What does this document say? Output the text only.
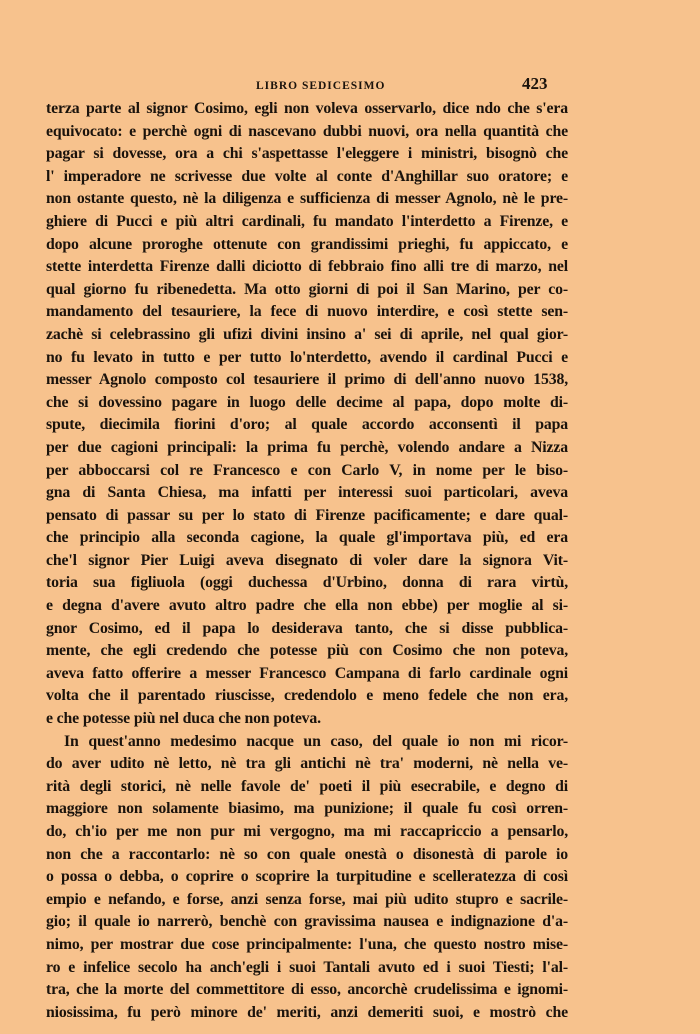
LIBRO SEDICESIMO	423
terza parte al signor Cosimo, egli non voleva osservarlo, dice ndo che s'era
equivocato: e perchè ogni di nascevano dubbi nuovi, ora nella quantità che
pagar si dovesse, ora a chi s'aspettasse l'eleggere i ministri, bisognò che
l' imperadore ne scrivesse due volte al conte d'Anghillar suo oratore; e
non ostante questo, nè la diligenza e sufficienza di messer Agnolo, nè le pre-
ghiere di Pucci e più altri cardinali, fu mandato l'interdetto a Firenze, e
dopo alcune proroghe ottenute con grandissimi prieghi, fu appiccato, e
stette interdetta Firenze dalli diciotto di febbraio fino alli tre di marzo, nel
qual giorno fu ribenedetta. Ma otto giorni di poi il San Marino, per co-
mandamento del tesauriere, la fece di nuovo interdire, e così stette sen-
zachè si celebrassino gli ufizi divini insino a' sei di aprile, nel qual gior-
no fu levato in tutto e per tutto lo'nterdetto, avendo il cardinal Pucci e
messer Agnolo composto col tesauriere il primo di dell'anno nuovo 1538,
che si dovessino pagare in luogo delle decime al papa, dopo molte di-
spute, diecimila fiorini d'oro; al quale accordo acconsentì il papa
per due cagioni principali: la prima fu perchè, volendo andare a Nizza
per abboccarsi col re Francesco e con Carlo V, in nome per le biso-
gna di Santa Chiesa, ma infatti per interessi suoi particolari, aveva
pensato di passar su per lo stato di Firenze pacificamente; e dare qual-
che principio alla seconda cagione, la quale gl'importava più, ed era
che'l signor Pier Luigi aveva disegnato di voler dare la signora Vit-
toria sua figliuola (oggi duchessa d'Urbino, donna di rara virtù,
e degna d'avere avuto altro padre che ella non ebbe) per moglie al si-
gnor Cosimo, ed il papa lo desiderava tanto, che si disse pubblica-
mente, che egli credendo che potesse più con Cosimo che non poteva,
aveva fatto offerire a messer Francesco Campana di farlo cardinale ogni
volta che il parentado riuscisse, credendolo e meno fedele che non era,
e che potesse più nel duca che non poteva.
In quest'anno medesimo nacque un caso, del quale io non mi ricor-
do aver udito nè letto, nè tra gli antichi nè tra' moderni, nè nella ve-
rità degli storici, nè nelle favole de' poeti il più esecrabile, e degno di
maggiore non solamente biasimo, ma punizione; il quale fu così orren-
do, ch'io per me non pur mi vergogno, ma mi raccapriccio a pensarlo,
non che a raccontarlo: nè so con quale onestà o disonestà di parole io
o possa o debba, o coprire o scoprire la turpitudine e scelleratezza di così
empio e nefando, e forse, anzi senza forse, mai più udito stupro e sacrile-
gio; il quale io narrerò, benchè con gravissima nausea e indignazione d'a-
nimo, per mostrar due cose principalmente: l'una, che questo nostro mise-
ro e infelice secolo ha anch'egli i suoi Tantali avuto ed i suoi Tiesti; l'al-
tra, che la morte del commettitore di esso, ancorchè crudelissima e ignomi-
niosissima, fu però minore de' meriti, anzi demeriti suoi, e mostrò che
